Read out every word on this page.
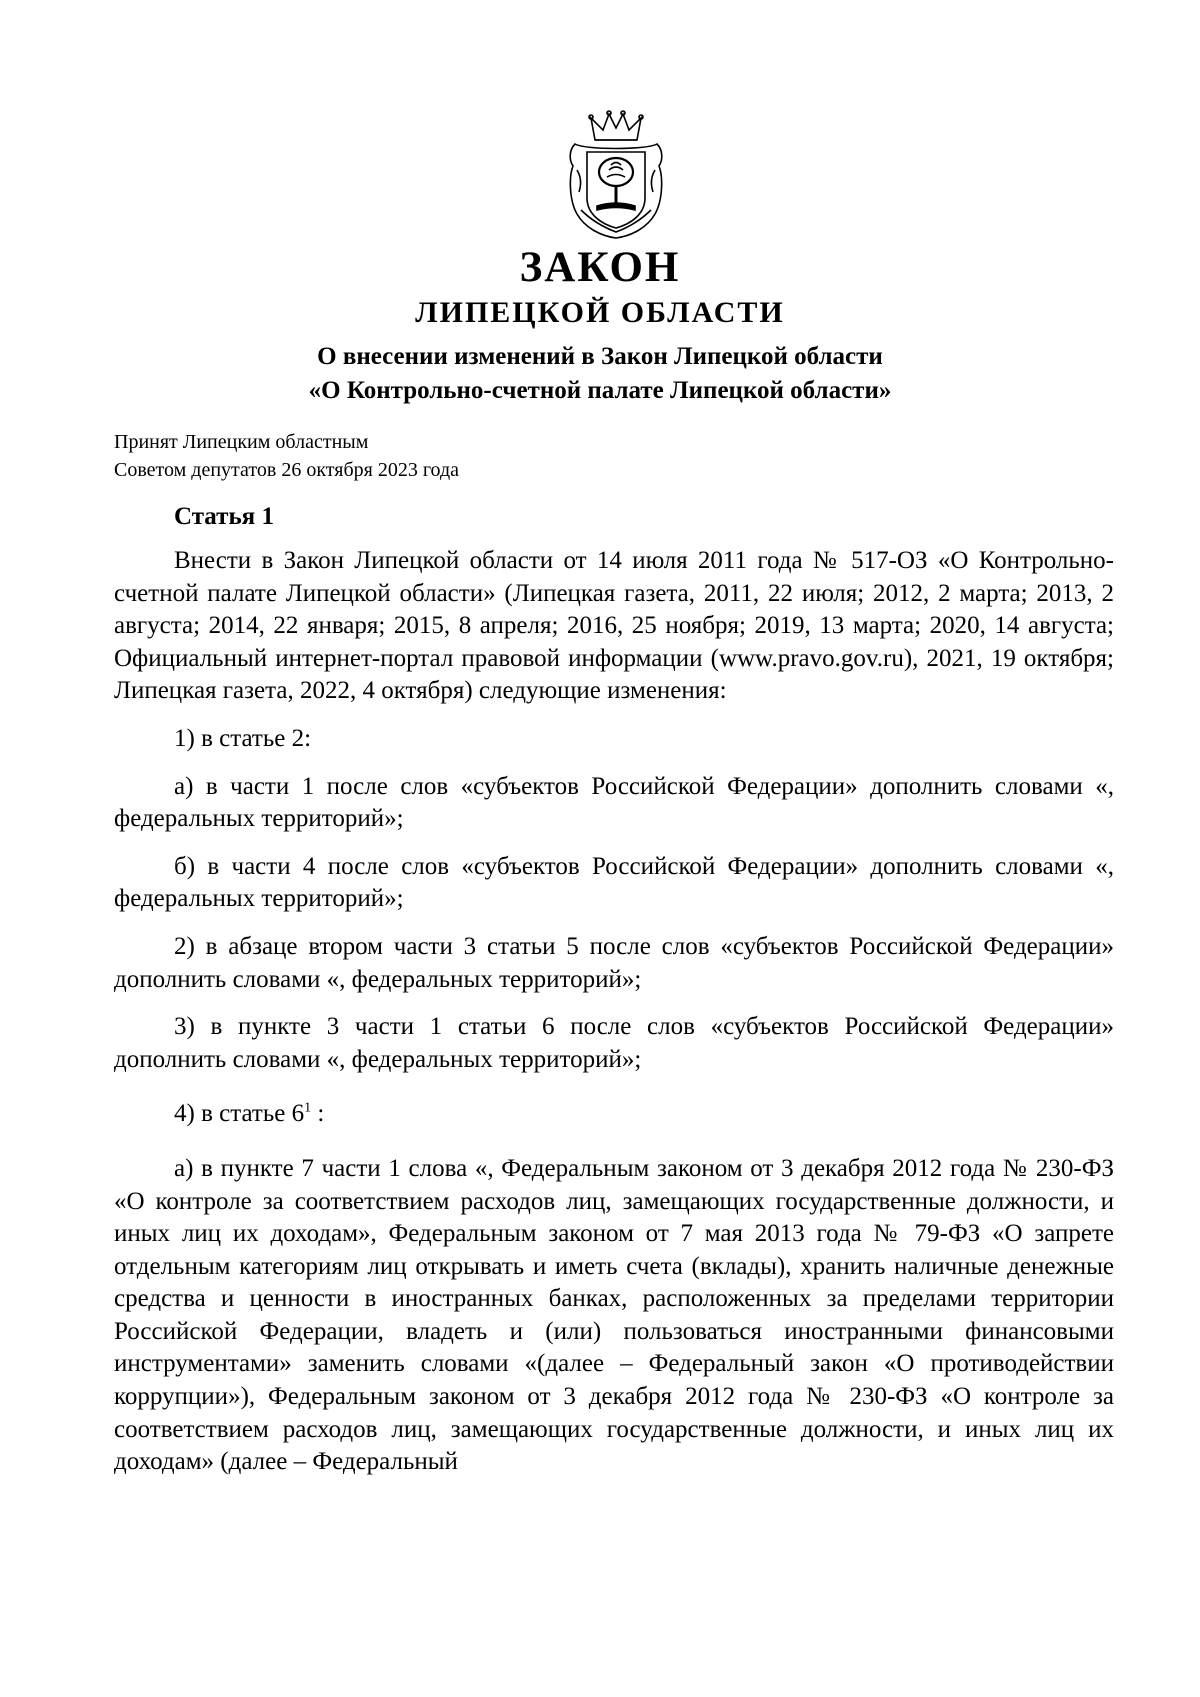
ЗАКОН
ЛИПЕЦКОЙ ОБЛАСТИ
О внесении изменений в Закон Липецкой области
«О Контрольно-счетной палате Липецкой области»
Принят Липецким областным
Советом депутатов 26 октября 2023 года
Статья 1

Внести в Закон Липецкой области от 14 июля 2011 года № 517-ОЗ «О Контрольно-счетной палате Липецкой области» (Липецкая газета, 2011, 22 июля; 2012, 2 марта; 2013, 2 августа; 2014, 22 января; 2015, 8 апреля; 2016, 25 ноября; 2019, 13 марта; 2020, 14 августа; Официальный интернет-портал правовой информации (www.pravo.gov.ru), 2021, 19 октября; Липецкая газета, 2022, 4 октября) следующие изменения:

1) в статье 2:

а) в части 1 после слов «субъектов Российской Федерации» дополнить словами «, федеральных территорий»;

б) в части 4 после слов «субъектов Российской Федерации» дополнить словами «, федеральных территорий»;

2) в абзаце втором части 3 статьи 5 после слов «субъектов Российской Федерации» дополнить словами «, федеральных территорий»;

3) в пункте 3 части 1 статьи 6 после слов «субъектов Российской Федерации» дополнить словами «, федеральных территорий»;

4) в статье $6^1$ :

а) в пункте 7 части 1 слова «, Федеральным законом от 3 декабря 2012 года № 230-ФЗ «О контроле за соответствием расходов лиц, замещающих государственные должности, и иных лиц их доходам», Федеральным законом от 7 мая 2013 года № 79-ФЗ «О запрете отдельным категориям лиц открывать и иметь счета (вклады), хранить наличные денежные средства и ценности в иностранных банках, расположенных за пределами территории Российской Федерации, владеть и (или) пользоваться иностранными финансовыми инструментами» заменить словами «(далее – Федеральный закон «О противодействии коррупции»), Федеральным законом от 3 декабря 2012 года № 230-ФЗ «О контроле за соответствием расходов лиц, замещающих государственные должности, и иных лиц их доходам» (далее – Федеральный
